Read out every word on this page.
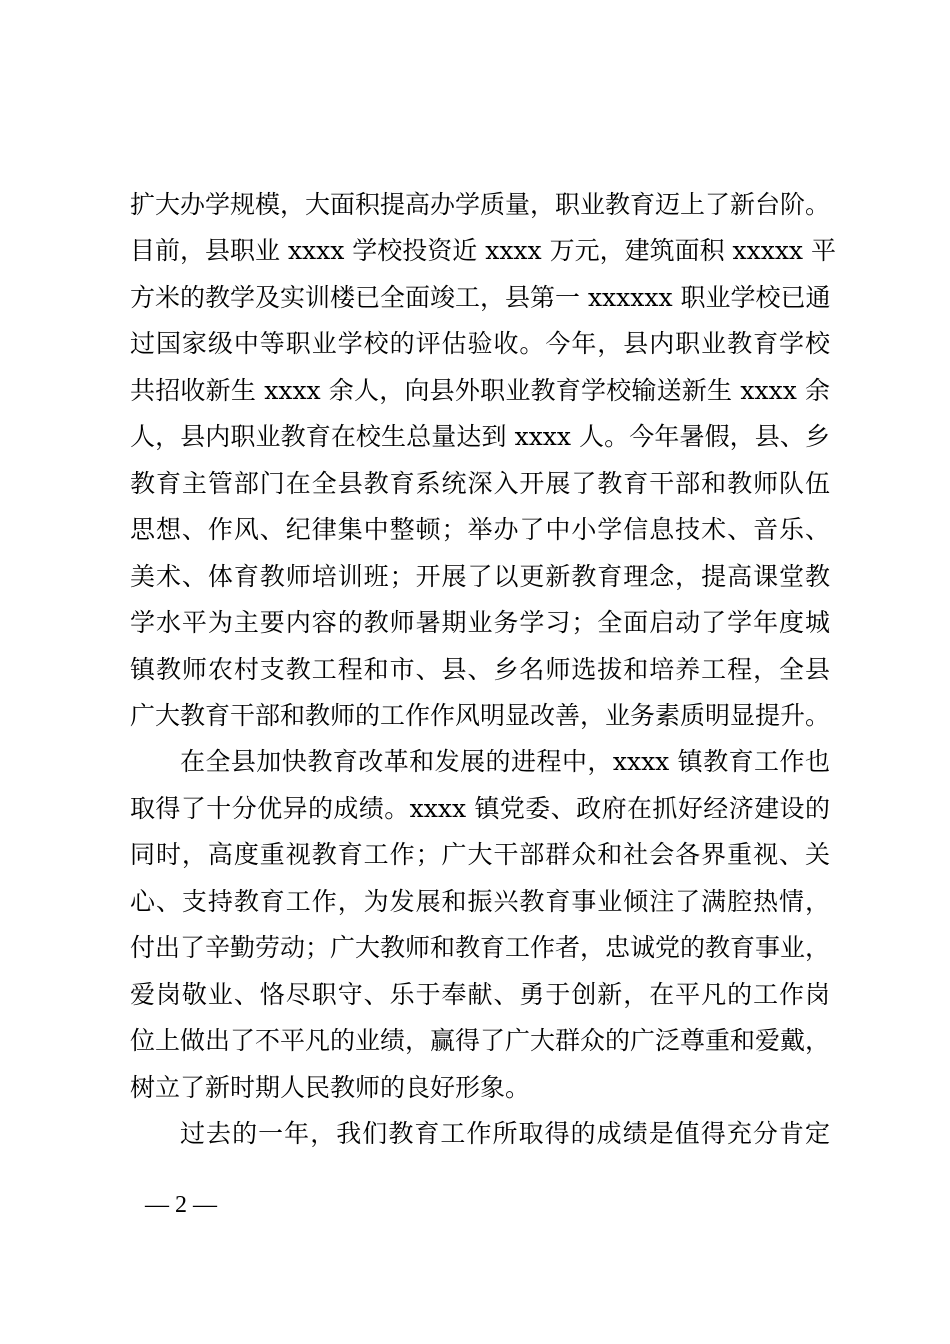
扩大办学规模，大面积提高办学质量，职业教育迈上了新台阶。
目前，县职业 xxxx 学校投资近 xxxx 万元，建筑面积 xxxxx 平
方米的教学及实训楼已全面竣工，县第一 xxxxxx 职业学校已通
过国家级中等职业学校的评估验收。今年，县内职业教育学校
共招收新生 xxxx 余人，向县外职业教育学校输送新生 xxxx 余
人，县内职业教育在校生总量达到 xxxx 人。今年暑假，县、乡
教育主管部门在全县教育系统深入开展了教育干部和教师队伍
思想、作风、纪律集中整顿；举办了中小学信息技术、音乐、
美术、体育教师培训班；开展了以更新教育理念，提高课堂教
学水平为主要内容的教师暑期业务学习；全面启动了学年度城
镇教师农村支教工程和市、县、乡名师选拔和培养工程，全县
广大教育干部和教师的工作作风明显改善，业务素质明显提升。
在全县加快教育改革和发展的进程中，xxxx 镇教育工作也
取得了十分优异的成绩。xxxx 镇党委、政府在抓好经济建设的
同时，高度重视教育工作；广大干部群众和社会各界重视、关
心、支持教育工作，为发展和振兴教育事业倾注了满腔热情，
付出了辛勤劳动；广大教师和教育工作者，忠诚党的教育事业，
爱岗敬业、恪尽职守、乐于奉献、勇于创新，在平凡的工作岗
位上做出了不平凡的业绩，赢得了广大群众的广泛尊重和爱戴，
树立了新时期人民教师的良好形象。
过去的一年，我们教育工作所取得的成绩是值得充分肯定
— 2 —
